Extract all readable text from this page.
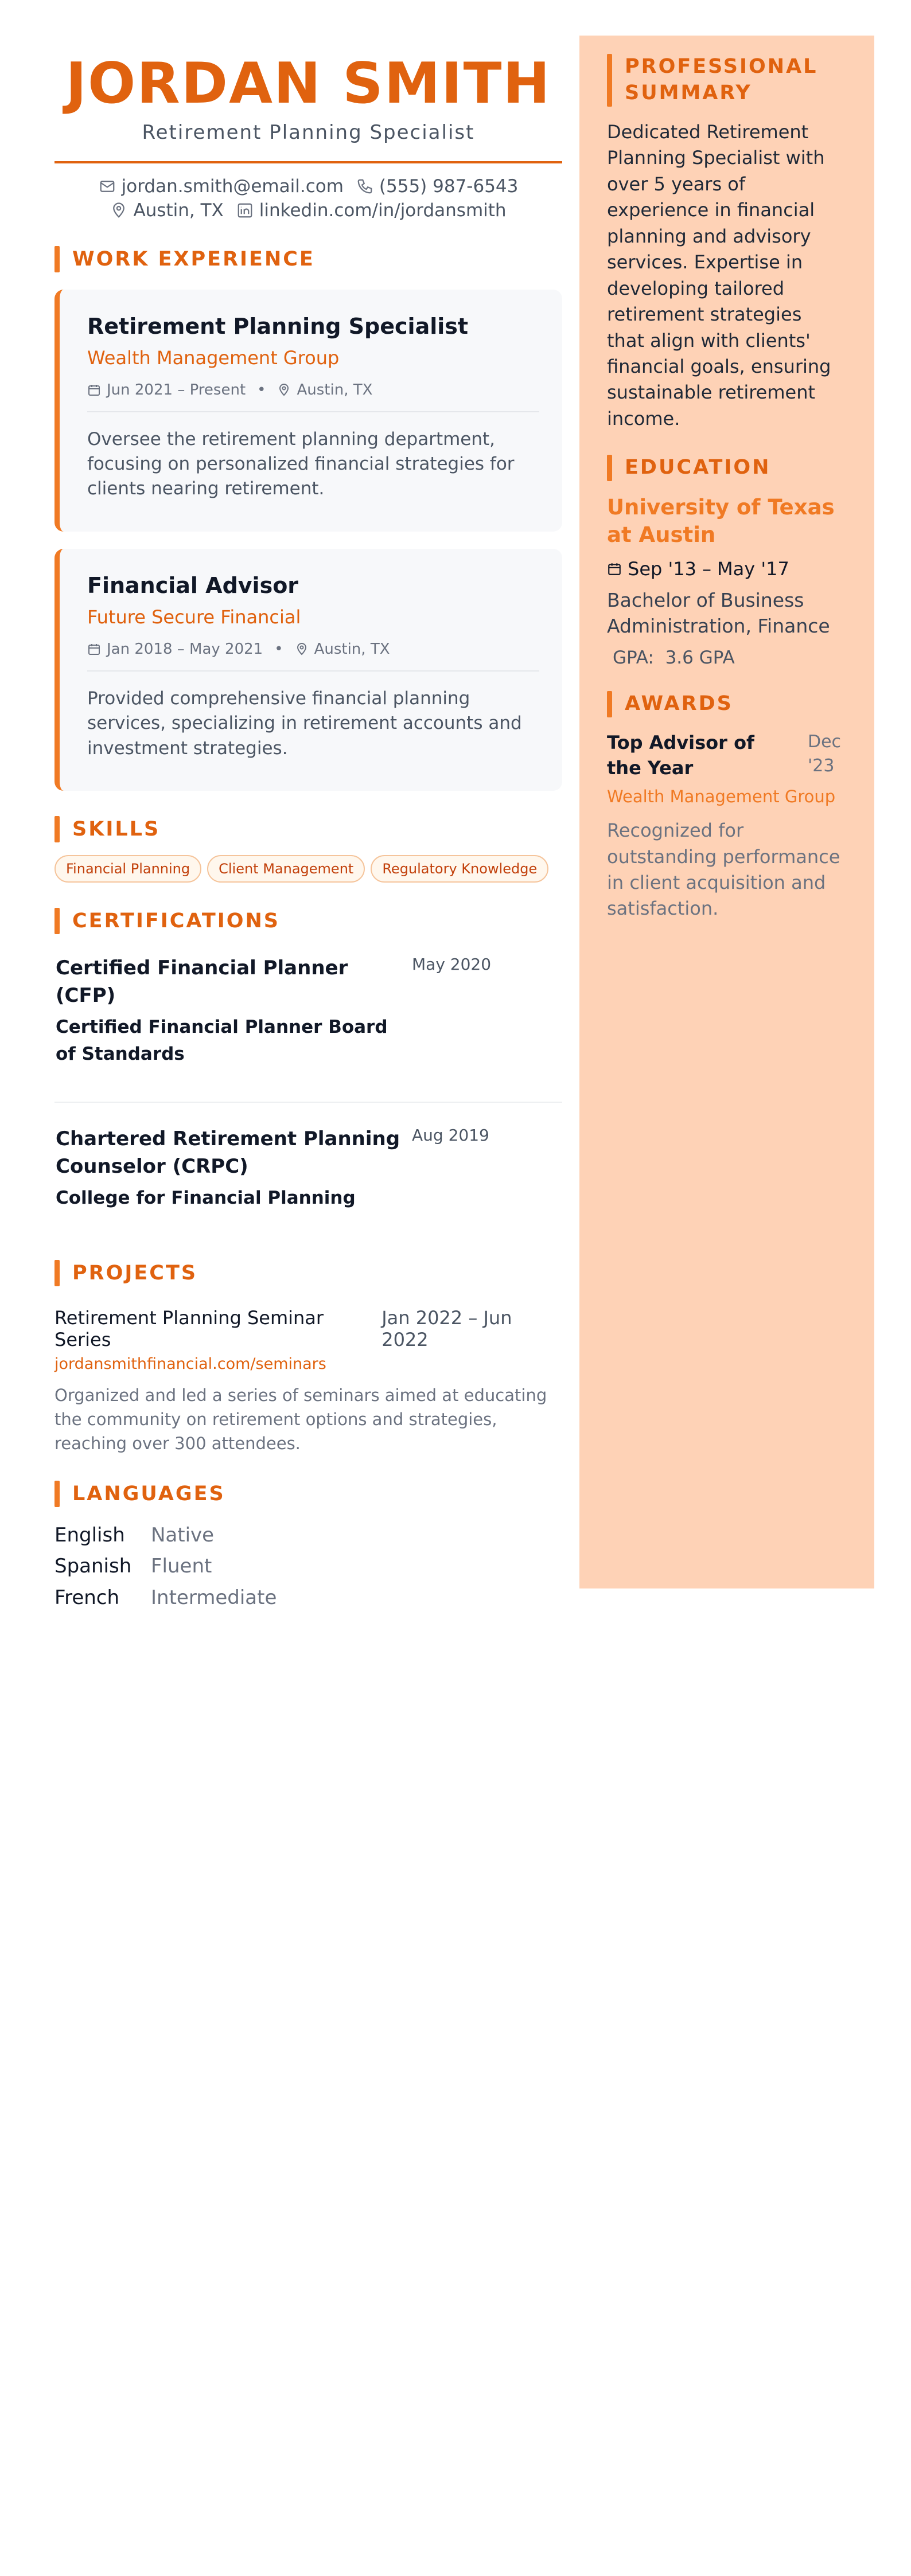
JORDAN SMITH
Retirement Planning Specialist
jordan.smith@email.com (555) 987-6543
Austin, TX linkedin.com/in/jordansmith
WORK EXPERIENCE
Retirement Planning Specialist
Wealth Management Group
Jun 2021 – Present • Austin, TX
Oversee the retirement planning department, focusing on personalized financial strategies for clients nearing retirement.
Financial Advisor
Future Secure Financial
Jan 2018 – May 2021 • Austin, TX
Provided comprehensive financial planning services, specializing in retirement accounts and investment strategies.
SKILLS
Financial Planning	Client Management	Regulatory Knowledge
CERTIFICATIONS
Certified Financial Planner (CFP)
Certified Financial Planner Board of Standards
May 2020
Chartered Retirement Planning Counselor (CRPC)
College for Financial Planning
Aug 2019
PROJECTS
Retirement Planning Seminar Series
Jan 2022 – Jun 2022
jordansmithfinancial.com/seminars
Organized and led a series of seminars aimed at educating the community on retirement options and strategies, reaching over 300 attendees.
LANGUAGES
English	Native
Spanish Fluent
French	Intermediate
PROFESSIONAL SUMMARY
Dedicated Retirement Planning Specialist with over 5 years of experience in financial planning and advisory services. Expertise in developing tailored retirement strategies that align with clients' financial goals, ensuring sustainable retirement income.
EDUCATION
University of Texas at Austin
Sep '13 – May '17
Bachelor of Business Administration, Finance
GPA: 3.6 GPA
AWARDS
Top Advisor of the Year
Dec '23
Wealth Management Group
Recognized for outstanding performance in client acquisition and satisfaction.
